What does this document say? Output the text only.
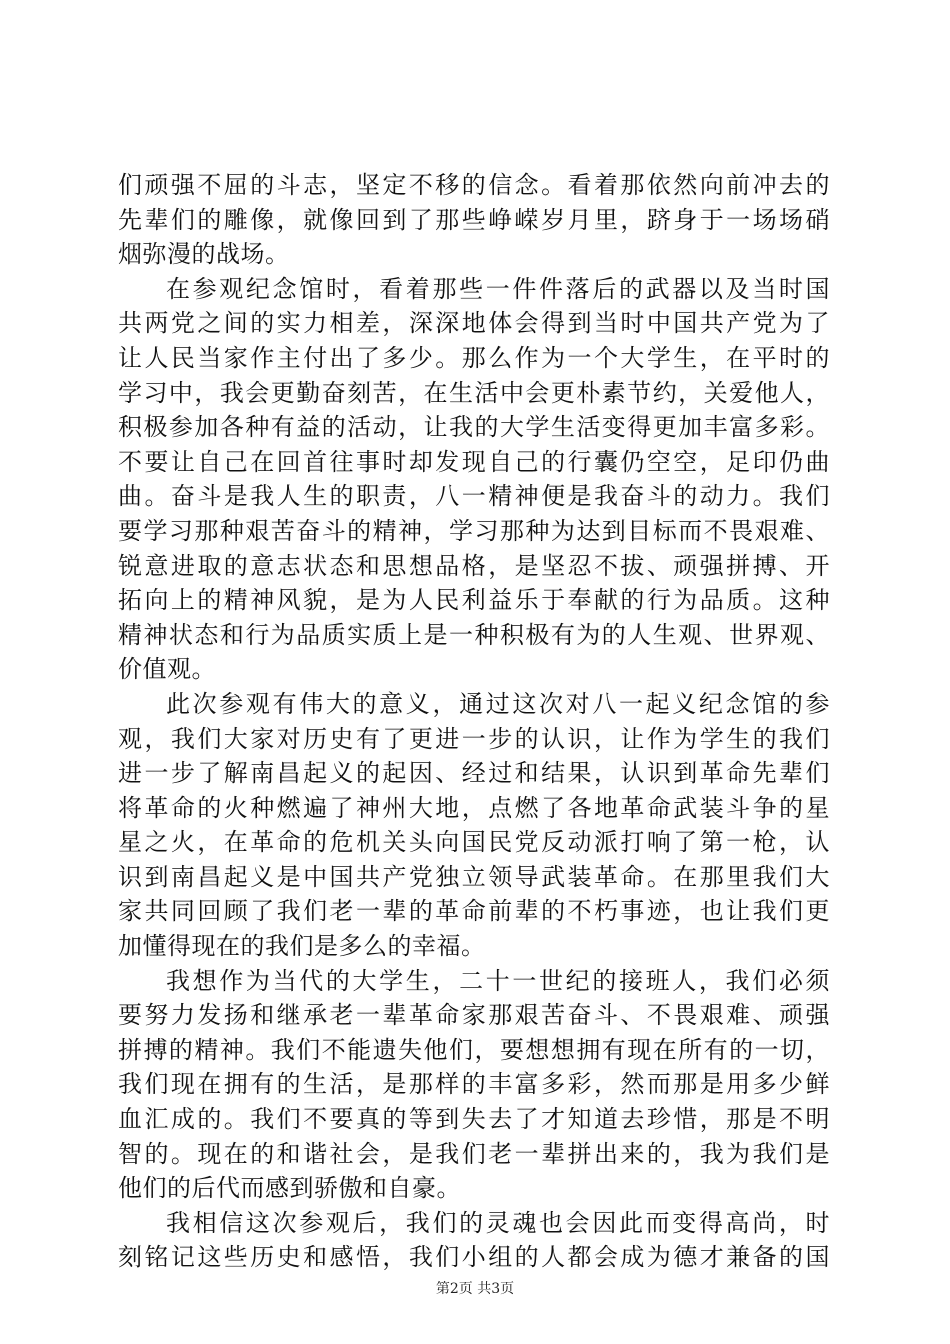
们顽强不屈的斗志，坚定不移的信念。看着那依然向前冲去的
先辈们的雕像，就像回到了那些峥嵘岁月里，跻身于一场场硝
烟弥漫的战场。
在参观纪念馆时，看着那些一件件落后的武器以及当时国
共两党之间的实力相差，深深地体会得到当时中国共产党为了
让人民当家作主付出了多少。那么作为一个大学生，在平时的
学习中，我会更勤奋刻苦，在生活中会更朴素节约，关爱他人，
积极参加各种有益的活动，让我的大学生活变得更加丰富多彩。
不要让自己在回首往事时却发现自己的行囊仍空空，足印仍曲
曲。奋斗是我人生的职责，八一精神便是我奋斗的动力。我们
要学习那种艰苦奋斗的精神，学习那种为达到目标而不畏艰难、
锐意进取的意志状态和思想品格，是坚忍不拔、顽强拼搏、开
拓向上的精神风貌，是为人民利益乐于奉献的行为品质。这种
精神状态和行为品质实质上是一种积极有为的人生观、世界观、
价值观。
此次参观有伟大的意义，通过这次对八一起义纪念馆的参
观，我们大家对历史有了更进一步的认识，让作为学生的我们
进一步了解南昌起义的起因、经过和结果，认识到革命先辈们
将革命的火种燃遍了神州大地，点燃了各地革命武装斗争的星
星之火，在革命的危机关头向国民党反动派打响了第一枪，认
识到南昌起义是中国共产党独立领导武装革命。在那里我们大
家共同回顾了我们老一辈的革命前辈的不朽事迹，也让我们更
加懂得现在的我们是多么的幸福。
我想作为当代的大学生，二十一世纪的接班人，我们必须
要努力发扬和继承老一辈革命家那艰苦奋斗、不畏艰难、顽强
拼搏的精神。我们不能遗失他们，要想想拥有现在所有的一切，
我们现在拥有的生活，是那样的丰富多彩，然而那是用多少鲜
血汇成的。我们不要真的等到失去了才知道去珍惜，那是不明
智的。现在的和谐社会，是我们老一辈拼出来的，我为我们是
他们的后代而感到骄傲和自豪。
我相信这次参观后，我们的灵魂也会因此而变得高尚，时
刻铭记这些历史和感悟，我们小组的人都会成为德才兼备的国
第2页 共3页
